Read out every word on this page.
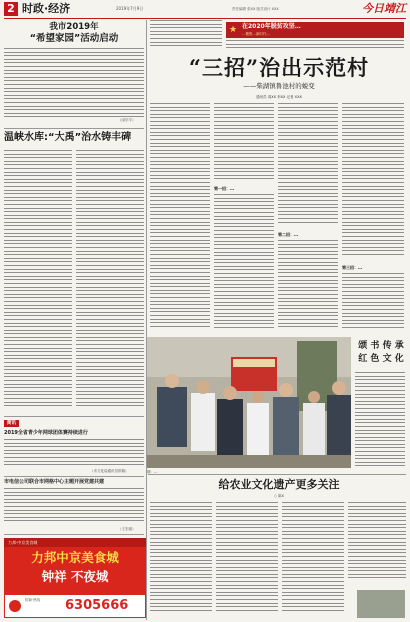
2 时政·经济	2019年7月9日	责任编辑 张XX 版式设计 XXX	今日靖江
我市2019年
“希望家园”活动启动
（闵宗平）
温峡水库:“大禹”治水铸丰碑
简讯
2019全省青少年网球团体赛持续进行
（市文化局通讯员供稿）
市电信公司联合市网格中心主题开展党建共建
（王宏丽）
力邦·中京美食城
力邦中京美食城
钟祥 不夜城
招商·热线 6305666
★ 在2020年脱贫攻坚…
…聚焦…新时代…
“三招”治出示范村
——柴湖镇鲁池村的蜕变
通讯员 周XX 李XX 记者 XXX
第一招：…
第二招：…
第三招：…
图：…
颂 书 传 承
红 色 文 化
给农业文化遗产更多关注
○ 陈X
